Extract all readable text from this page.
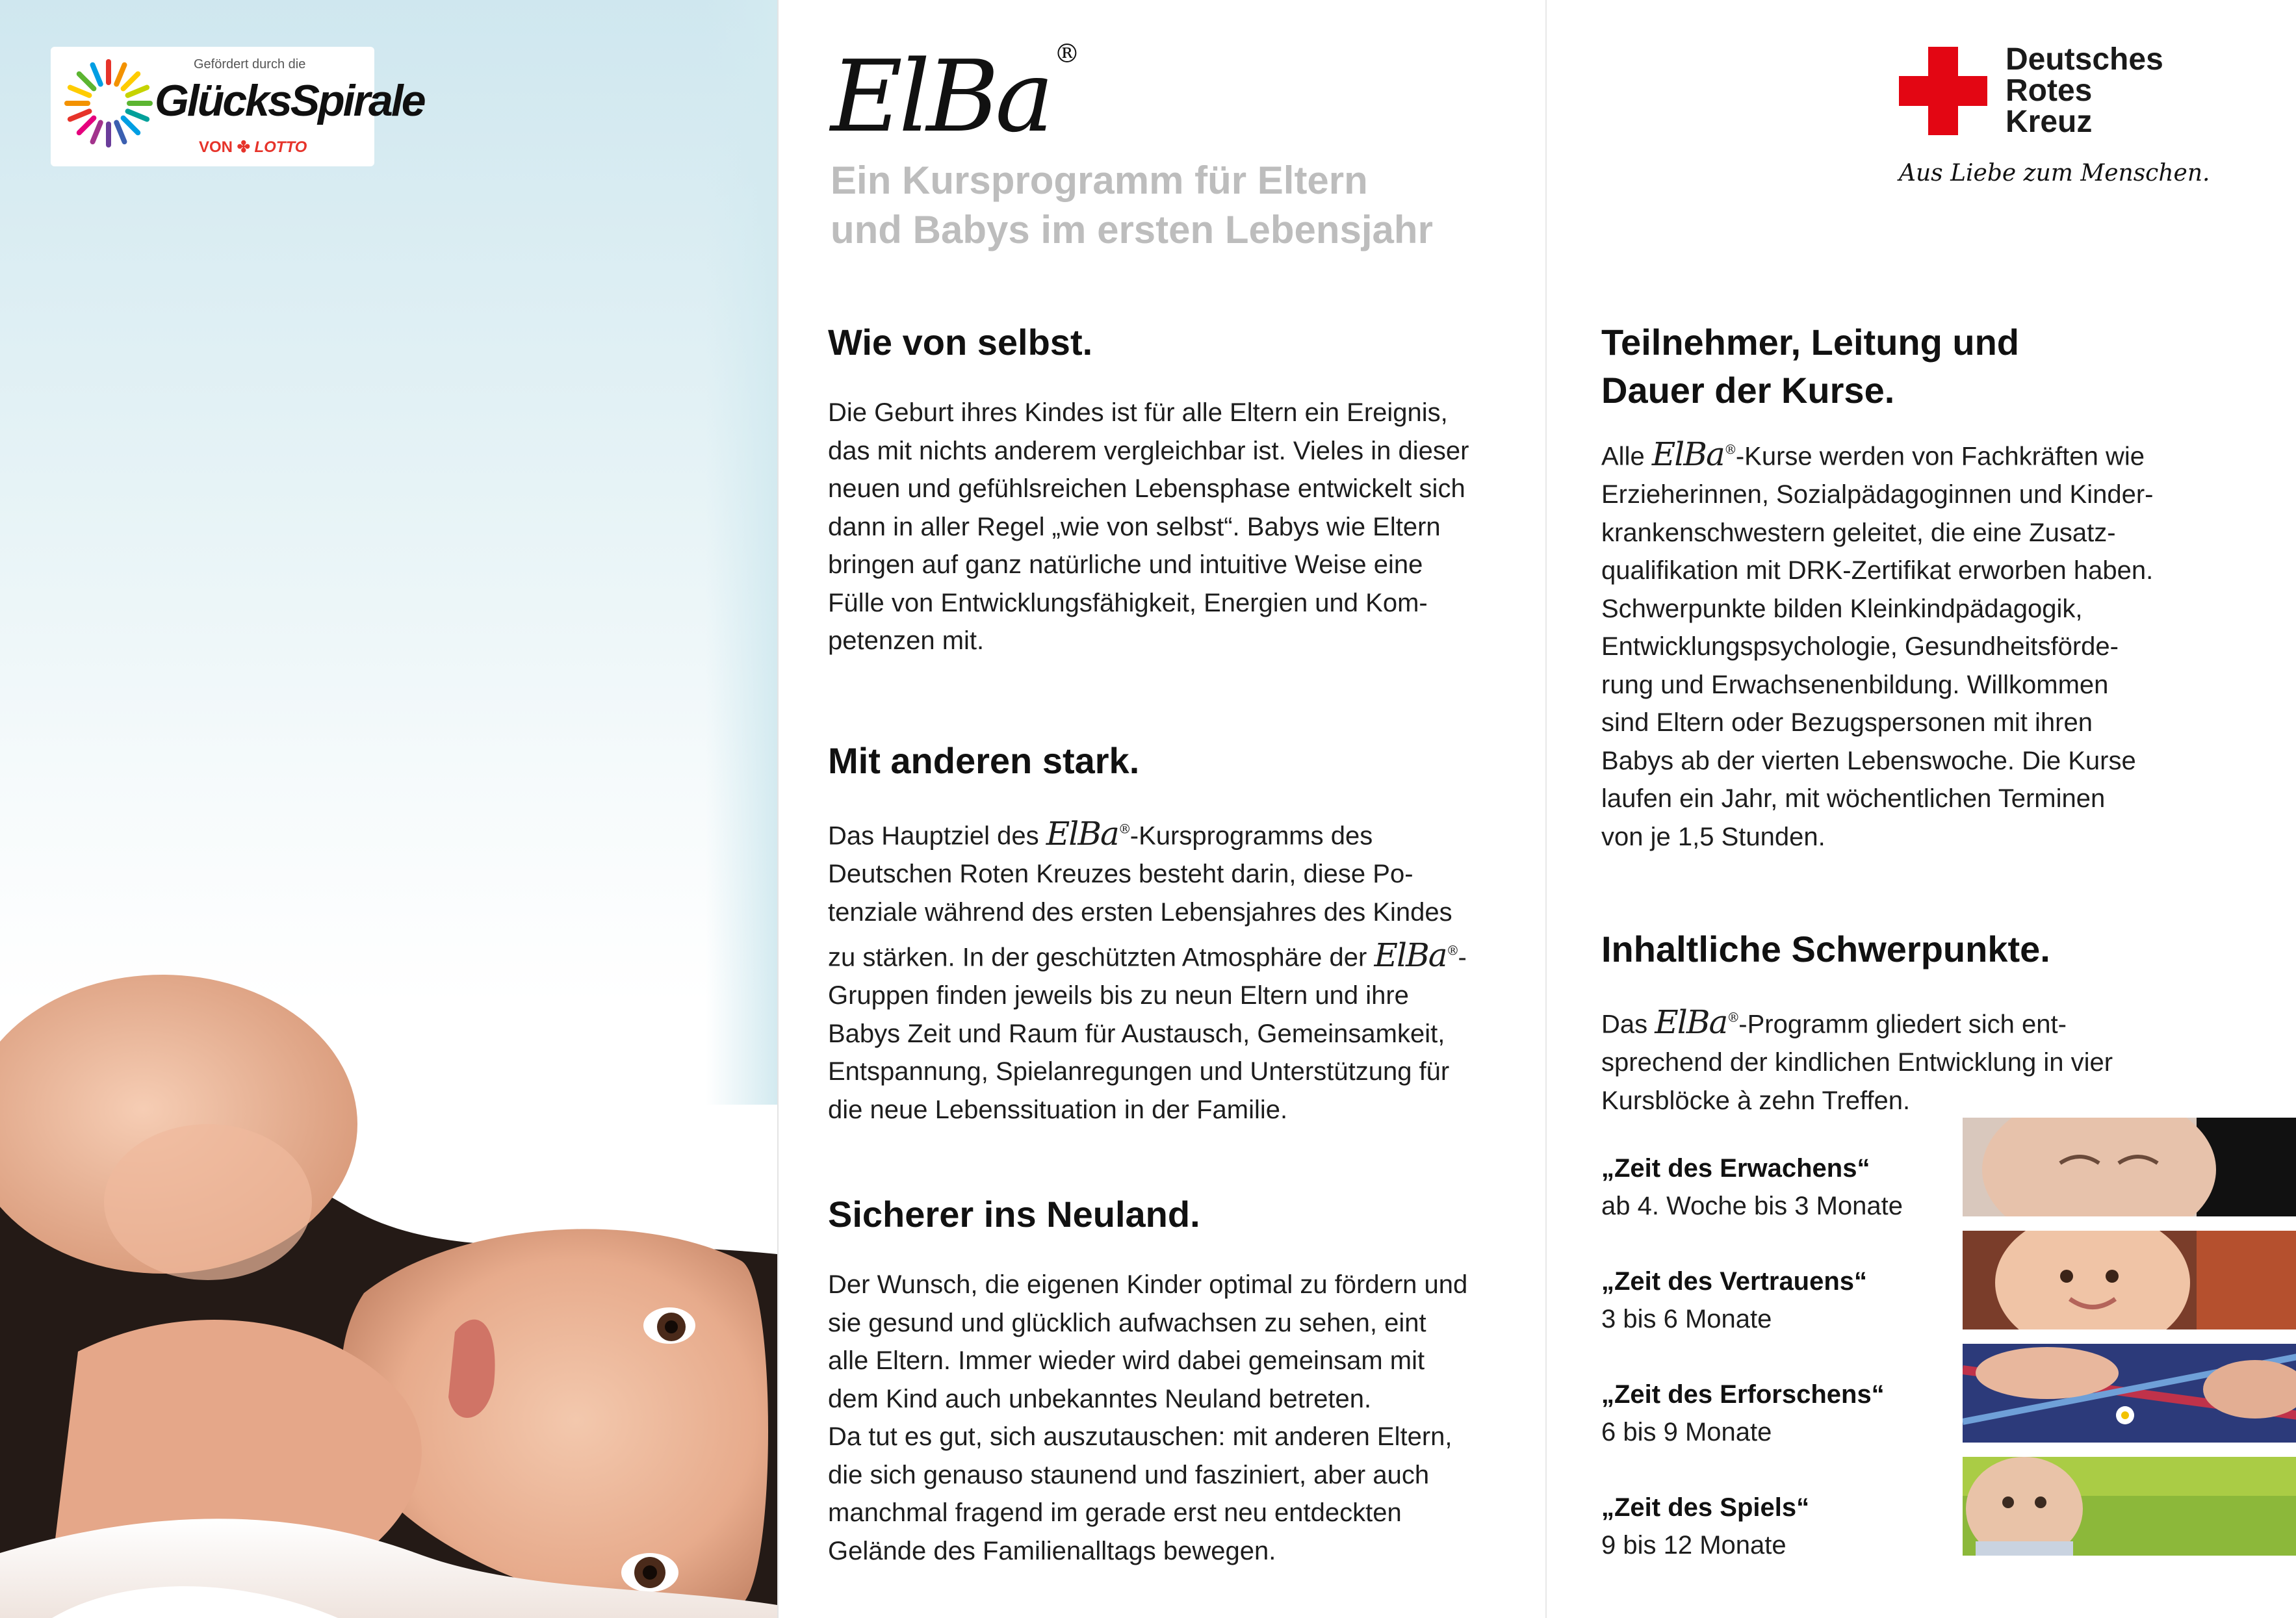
Gefördert durch die
GlücksSpirale
VON ✤ LOTTO	ElBa ®
Ein Kursprogramm für Eltern
und Babys im ersten Lebensjahr
Wie von selbst.
Die Geburt ihres Kindes ist für alle Eltern ein Ereignis,
das mit nichts anderem vergleichbar ist. Vieles in dieser
neuen und gefühlsreichen Lebensphase entwickelt sich
dann in aller Regel „wie von selbst“. Babys wie Eltern
bringen auf ganz natürliche und intuitive Weise eine
Fülle von Entwicklungsfähigkeit, Energien und Kom-
petenzen mit.
Mit anderen stark.
Das Hauptziel des ElBa®-Kursprogramms des
Deutschen Roten Kreuzes besteht darin, diese Po-
tenziale während des ersten Lebensjahres des Kindes
zu stärken. In der geschützten Atmosphäre der ElBa®-
Gruppen finden jeweils bis zu neun Eltern und ihre
Babys Zeit und Raum für Austausch, Gemeinsamkeit,
Entspannung, Spielanregungen und Unterstützung für
die neue Lebenssituation in der Familie.
Sicherer ins Neuland.
Der Wunsch, die eigenen Kinder optimal zu fördern und
sie gesund und glücklich aufwachsen zu sehen, eint
alle Eltern. Immer wieder wird dabei gemeinsam mit
dem Kind auch unbekanntes Neuland betreten.
Da tut es gut, sich auszutauschen: mit anderen Eltern,
die sich genauso staunend und fasziniert, aber auch
manchmal fragend im gerade erst neu entdeckten
Gelände des Familienalltags bewegen.
Deutsches
Rotes
Kreuz
Aus Liebe zum Menschen.
Teilnehmer, Leitung und
Dauer der Kurse.
Alle ElBa®-Kurse werden von Fachkräften wie
Erzieherinnen, Sozialpädagoginnen und Kinder-
krankenschwestern geleitet, die eine Zusatz-
qualifikation mit DRK-Zertifikat erworben haben.
Schwerpunkte bilden Kleinkindpädagogik,
Entwicklungspsychologie, Gesundheitsförde-
rung und Erwachsenenbildung. Willkommen
sind Eltern oder Bezugspersonen mit ihren
Babys ab der vierten Lebenswoche. Die Kurse
laufen ein Jahr, mit wöchentlichen Terminen
von je 1,5 Stunden.
Inhaltliche Schwerpunkte.
Das ElBa®-Programm gliedert sich ent-
sprechend der kindlichen Entwicklung in vier
Kursblöcke à zehn Treffen.
„Zeit des Erwachens“
ab 4. Woche bis 3 Monate
„Zeit des Vertrauens“
3 bis 6 Monate
„Zeit des Erforschens“
6 bis 9 Monate
„Zeit des Spiels“
9 bis 12 Monate
